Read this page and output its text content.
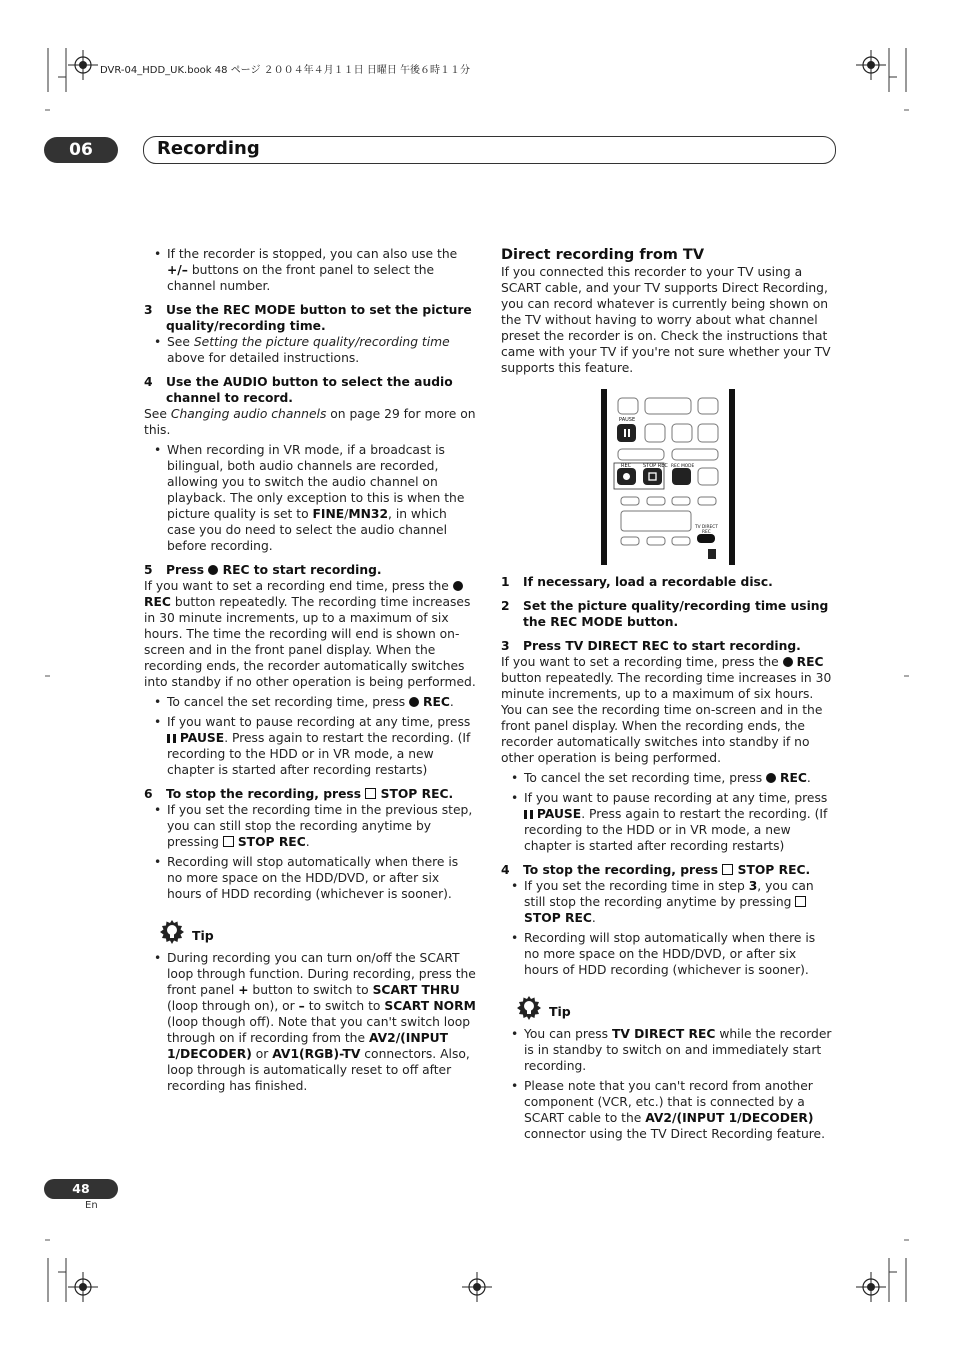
DVR-04_HDD_UK.book 48 ページ ２００４年４月１１日 日曜日 午後６時１１分
06	Recording

• If the recorder is stopped, you can also use the +/– buttons on the front panel to select the channel number.

3 Use the REC MODE button to set the picture quality/recording time.

• See Setting the picture quality/recording time above for detailed instructions.

4 Use the AUDIO button to select the audio channel to record.

See Changing audio channels on page 29 for more on this.

• When recording in VR mode, if a broadcast is bilingual, both audio channels are recorded, allowing you to switch the audio channel on playback. The only exception to this is when the picture quality is set to FINE/MN32, in which case you do need to select the audio channel before recording.

5 Press  REC to start recording.

If you want to set a recording end time, press the  REC button repeatedly. The recording time increases in 30 minute increments, up to a maximum of six hours. The time the recording will end is shown on-screen and in the front panel display. When the recording ends, the recorder automatically switches into standby if no other operation is being performed.

• To cancel the set recording time, press  REC.

• If you want to pause recording at any time, press  PAUSE. Press again to restart the recording. (If recording to the HDD or in VR mode, a new chapter is started after recording restarts)

6 To stop the recording, press  STOP REC.

• If you set the recording time in the previous step, you can still stop the recording anytime by pressing  STOP REC.

• Recording will stop automatically when there is no more space on the HDD/DVD, or after six hours of HDD recording (whichever is sooner).

Tip

• During recording you can turn on/off the SCART loop through function. During recording, press the front panel + button to switch to SCART THRU (loop through on), or – to switch to SCART NORM (loop though off). Note that you can't switch loop through on if recording from the AV2/(INPUT 1/DECODER) or AV1(RGB)-TV connectors. Also, loop through is automatically reset to off after recording has finished.

Direct recording from TV

If you connected this recorder to your TV using a SCART cable, and your TV supports Direct Recording, you can record whatever is currently being shown on the TV without having to worry about what channel preset the recorder is on. Check the instructions that came with your TV if you're not sure whether your TV supports this feature.

PAUSE
REC STOP REC REC MODE
TV DIRECT
REC

1 If necessary, load a recordable disc.

2 Set the picture quality/recording time using the REC MODE button.

3 Press TV DIRECT REC to start recording.

If you want to set a recording time, press the  REC button repeatedly. The recording time increases in 30 minute increments, up to a maximum of six hours. You can see the recording time on-screen and in the front panel display. When the recording ends, the recorder automatically switches into standby if no other operation is being performed.

• To cancel the set recording time, press  REC.

• If you want to pause recording at any time, press  PAUSE. Press again to restart the recording. (If recording to the HDD or in VR mode, a new chapter is started after recording restarts)

4 To stop the recording, press  STOP REC.

• If you set the recording time in step 3, you can still stop the recording anytime by pressing  STOP REC.

• Recording will stop automatically when there is no more space on the HDD/DVD, or after six hours of HDD recording (whichever is sooner).

Tip

• You can press TV DIRECT REC while the recorder is in standby to switch on and immediately start recording.

• Please note that you can't record from another component (VCR, etc.) that is connected by a SCART cable to the AV2/(INPUT 1/DECODER) connector using the TV Direct Recording feature.

48
En
